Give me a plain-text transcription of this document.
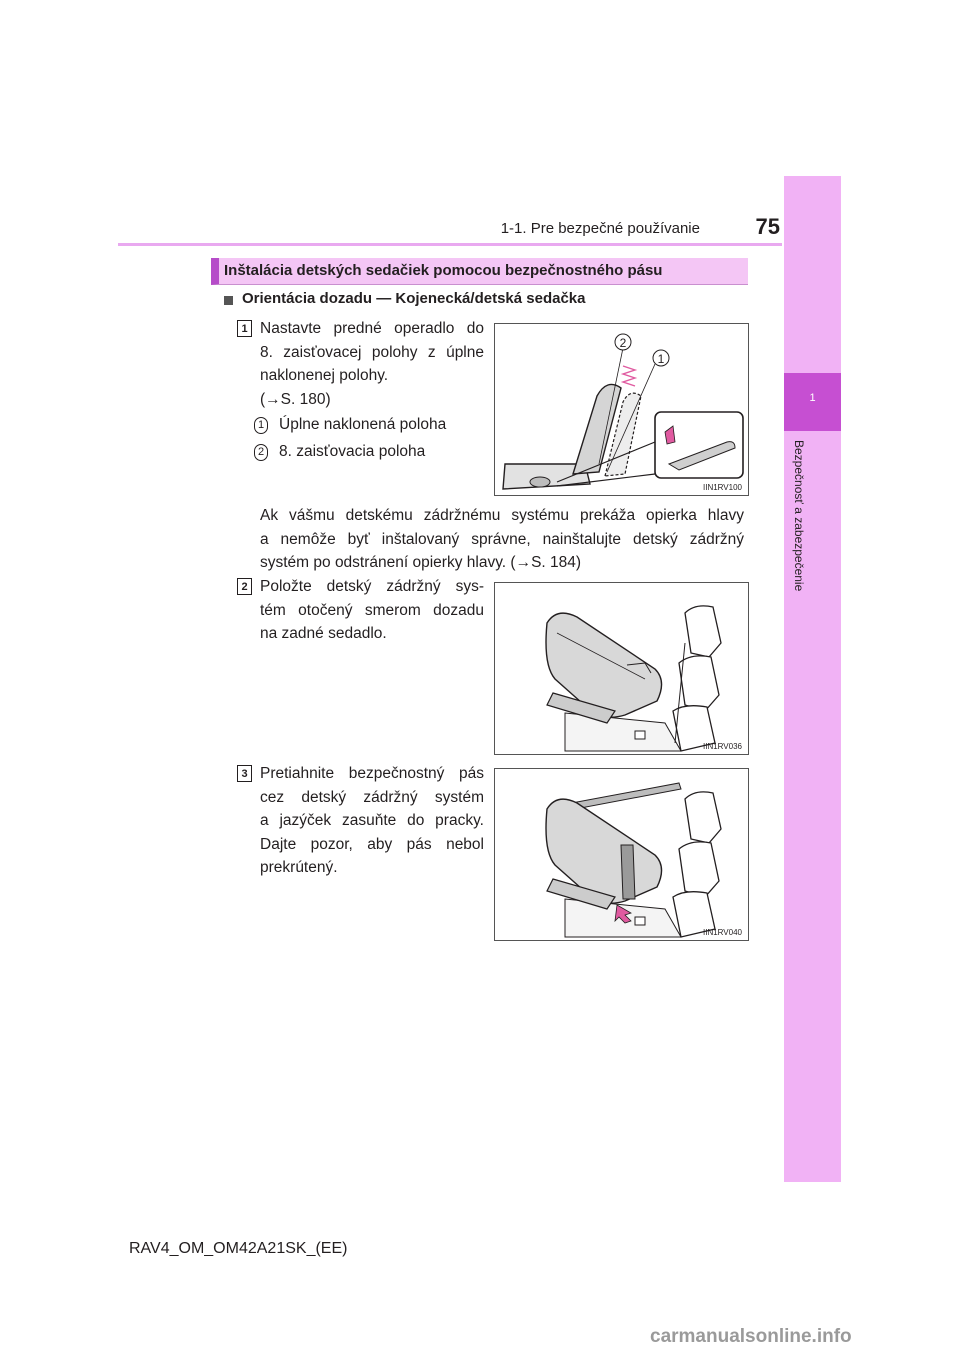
1-1. Pre bezpečné používanie	75
1
Bezpečnosť a zabezpečenie
Inštalácia detských sedačiek pomocou bezpečnostného pásu
Orientácia dozadu — Kojenecká/detská sedačka
1 Nastavte predné operadlo do
8. zaisťovacej polohy z úplne
naklonenej polohy.
(→S. 180)
1 Úplne naklonená poloha
2 8. zaisťovacia poloha
2
1
IIN1RV100
Ak vášmu detskému zádržnému systému prekáža opierka hlavy
a nemôže byť inštalovaný správne, nainštalujte detský zádržný
systém po odstránení opierky hlavy. (→S. 184)
2 Položte detský zádržný sys-
tém otočený smerom dozadu
na zadné sedadlo.
IIN1RV036
3 Pretiahnite bezpečnostný pás
cez detský zádržný systém
a jazýček zasuňte do pracky.
Dajte pozor, aby pás nebol
prekrútený.
IIN1RV040
RAV4_OM_OM42A21SK_(EE)
carmanualsonline.info
